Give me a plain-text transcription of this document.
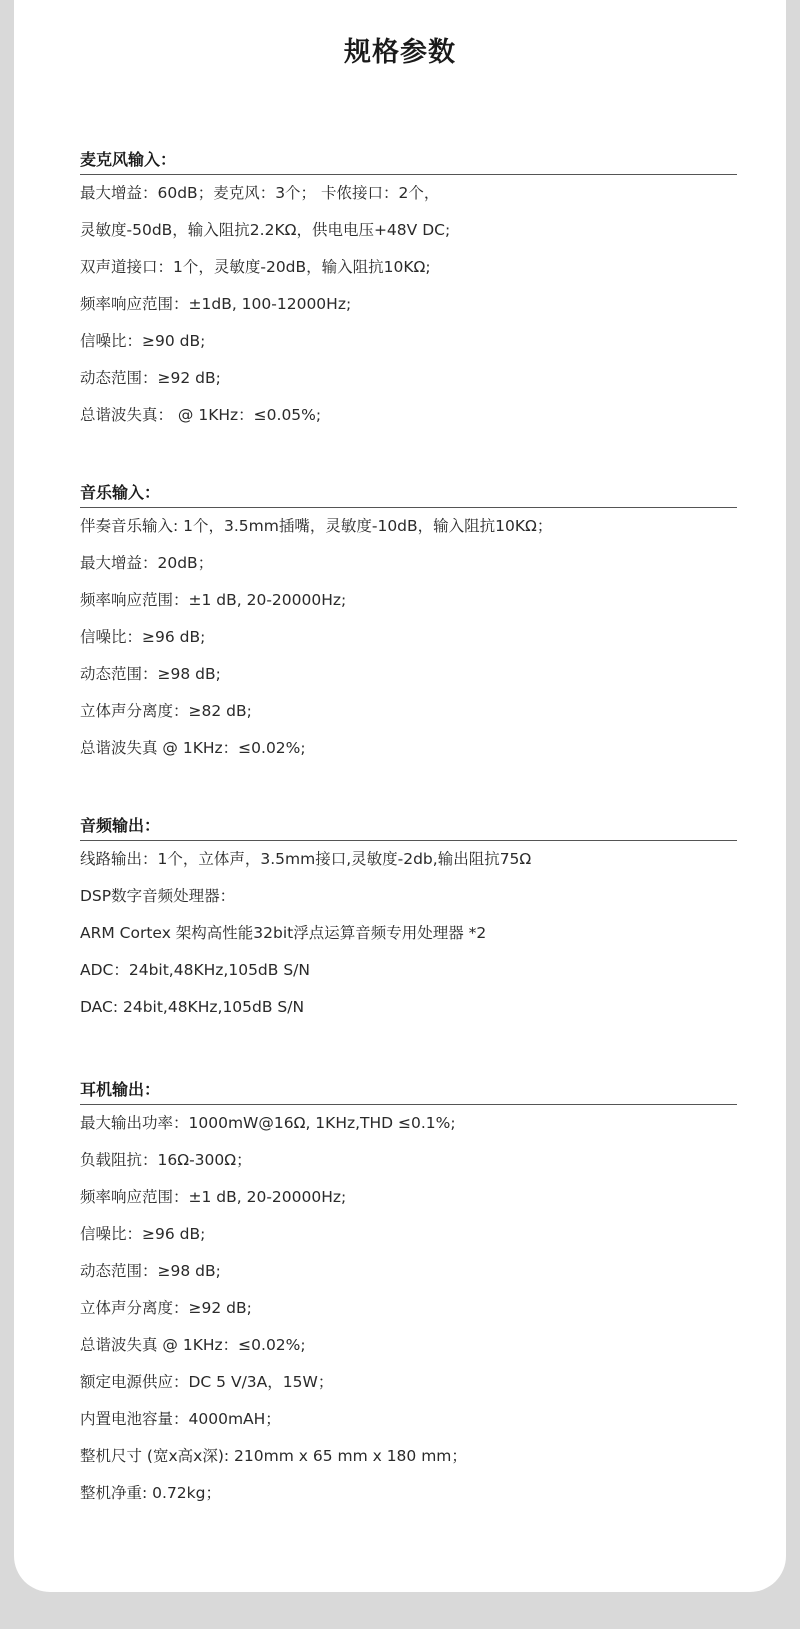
规格参数
麦克风输入：
最大增益：60dB；麦克风：3个； 卡侬接口：2个，
灵敏度-50dB，输入阻抗2.2KΩ，供电电压+48V DC;
双声道接口：1个，灵敏度-20dB，输入阻抗10KΩ;
频率响应范围：±1dB, 100-12000Hz;
信噪比：≥90 dB;
动态范围：≥92 dB;
总谐波失真： @ 1KHz：≤0.05%;
音乐输入：
伴奏音乐输入: 1个，3.5mm插嘴，灵敏度-10dB，输入阻抗10KΩ；
最大增益：20dB；
频率响应范围：±1 dB, 20-20000Hz;
信噪比：≥96 dB;
动态范围：≥98 dB;
立体声分离度：≥82 dB;
总谐波失真 @ 1KHz：≤0.02%;
音频输出：
线路输出：1个，立体声，3.5mm接口,灵敏度-2db,输出阻抗75Ω
DSP数字音频处理器：
ARM Cortex 架构高性能32bit浮点运算音频专用处理器 *2
ADC：24bit,48KHz,105dB S/N
DAC: 24bit,48KHz,105dB S/N
耳机输出：
最大输出功率：1000mW@16Ω, 1KHz,THD ≤0.1%;
负载阻抗：16Ω-300Ω；
频率响应范围：±1 dB, 20-20000Hz;
信噪比：≥96 dB;
动态范围：≥98 dB;
立体声分离度：≥92 dB;
总谐波失真 @ 1KHz：≤0.02%;
额定电源供应：DC 5 V/3A，15W；
内置电池容量：4000mAH；
整机尺寸 (宽x高x深): 210mm x 65 mm x 180 mm；
整机净重: 0.72kg；
